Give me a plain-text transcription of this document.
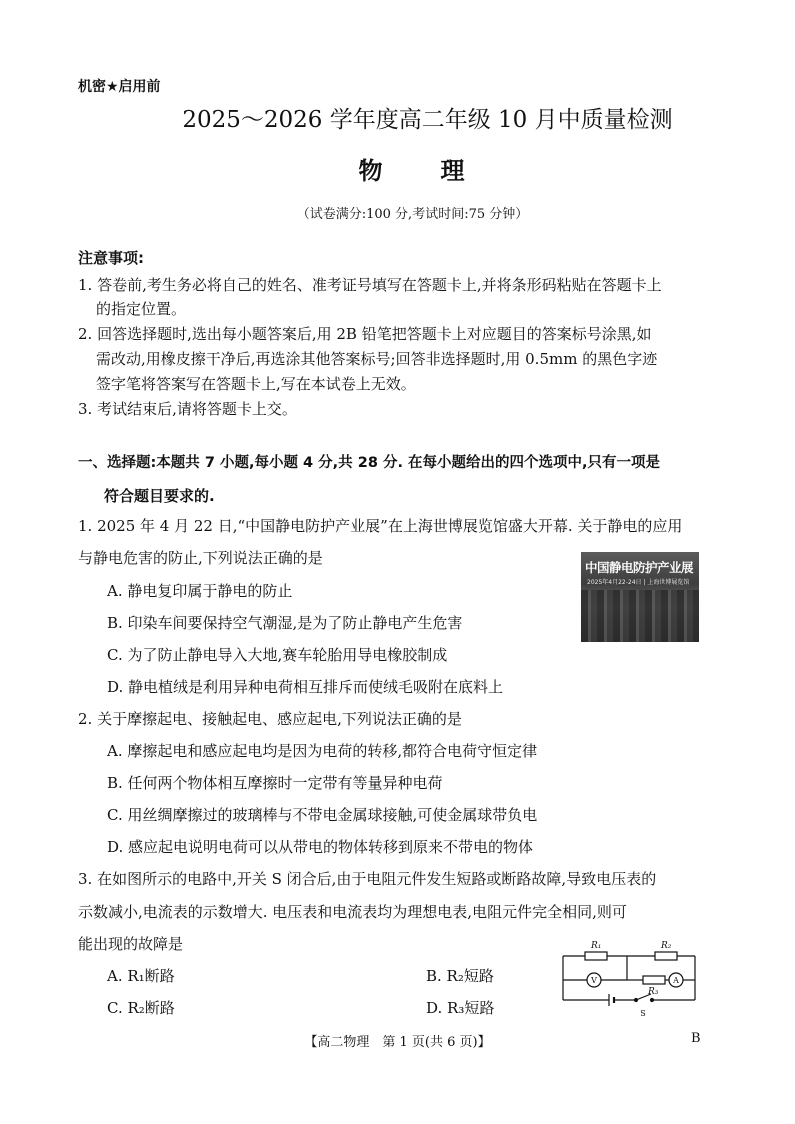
机密★启用前
2025～2026 学年度高二年级 10 月中质量检测
物 理
（试卷满分:100 分,考试时间:75 分钟）
注意事项:
1. 答卷前,考生务必将自己的姓名、准考证号填写在答题卡上,并将条形码粘贴在答题卡上
的指定位置。
2. 回答选择题时,选出每小题答案后,用 2B 铅笔把答题卡上对应题目的答案标号涂黑,如
需改动,用橡皮擦干净后,再选涂其他答案标号;回答非选择题时,用 0.5mm 的黑色字迹
签字笔将答案写在答题卡上,写在本试卷上无效。
3. 考试结束后,请将答题卡上交。
一、选择题:本题共 7 小题,每小题 4 分,共 28 分. 在每小题给出的四个选项中,只有一项是
符合题目要求的.
1. 2025 年 4 月 22 日,“中国静电防护产业展”在上海世博展览馆盛大开幕. 关于静电的应用
与静电危害的防止,下列说法正确的是
A. 静电复印属于静电的防止
B. 印染车间要保持空气潮湿,是为了防止静电产生危害
C. 为了防止静电导入大地,赛车轮胎用导电橡胶制成
D. 静电植绒是利用异种电荷相互排斥而使绒毛吸附在底料上
中国静电防护产业展
2025年4月22-24日 | 上海世博展览馆
2. 关于摩擦起电、接触起电、感应起电,下列说法正确的是
A. 摩擦起电和感应起电均是因为电荷的转移,都符合电荷守恒定律
B. 任何两个物体相互摩擦时一定带有等量异种电荷
C. 用丝绸摩擦过的玻璃棒与不带电金属球接触,可使金属球带负电
D. 感应起电说明电荷可以从带电的物体转移到原来不带电的物体
3. 在如图所示的电路中,开关 S 闭合后,由于电阻元件发生短路或断路故障,导致电压表的
示数减小,电流表的示数增大. 电压表和电流表均为理想电表,电阻元件完全相同,则可
能出现的故障是
A. R₁断路	B. R₂短路
C. R₂断路	D. R₃短路
R₁	R₂
R₃
V	A
S
【高二物理　第 1 页(共 6 页)】	B
